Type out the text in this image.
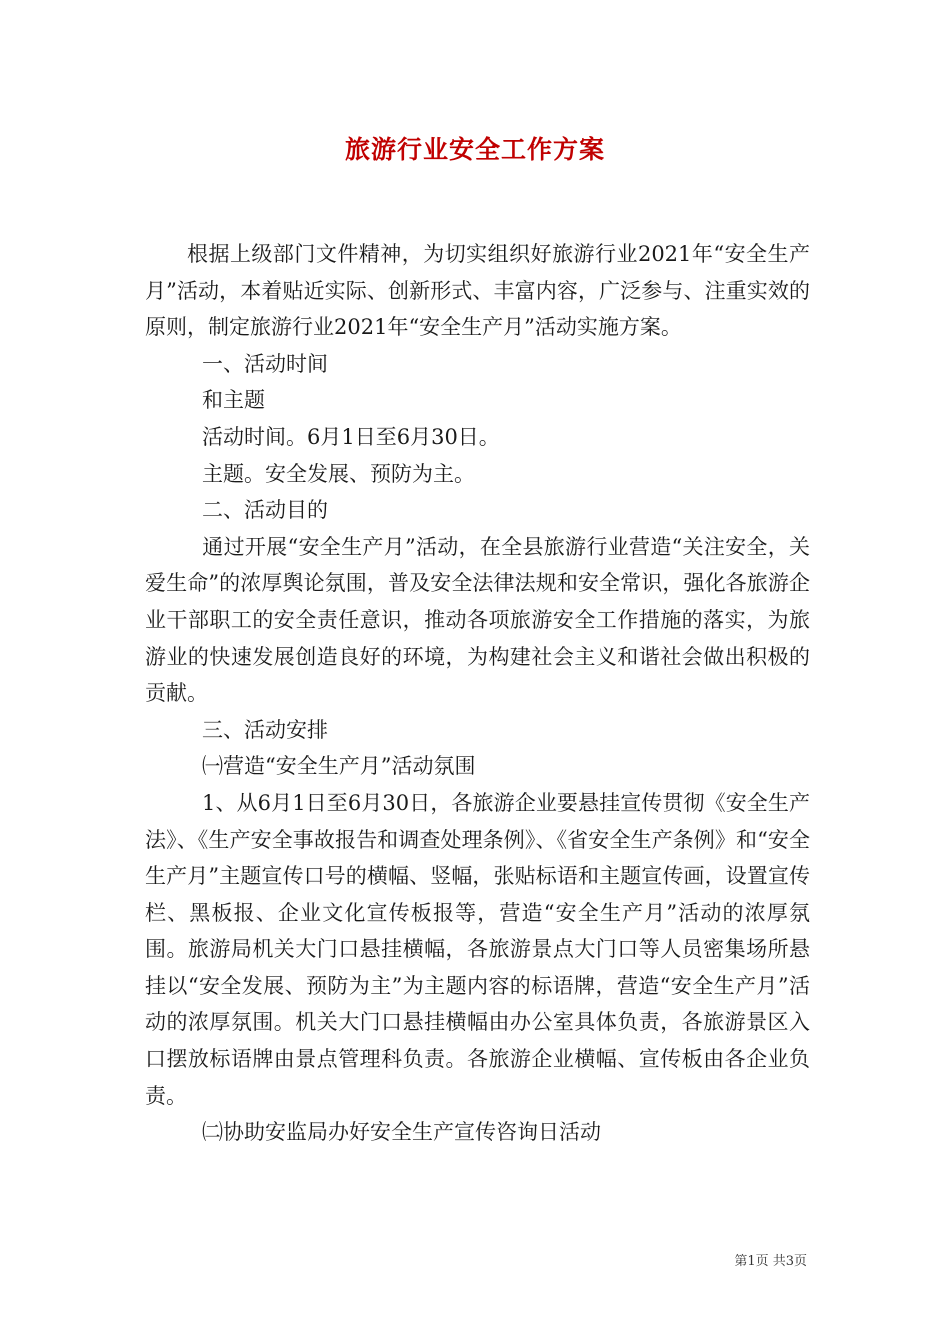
旅游行业安全工作方案

根据上级部门文件精神，为切实组织好旅游行业2021年“安全生产月”活动，本着贴近实际、创新形式、丰富内容，广泛参与、注重实效的原则，制定旅游行业2021年“安全生产月”活动实施方案。

一、活动时间

和主题

活动时间。6月1日至6月30日。

主题。安全发展、预防为主。

二、活动目的

通过开展“安全生产月”活动，在全县旅游行业营造“关注安全，关爱生命”的浓厚舆论氛围，普及安全法律法规和安全常识，强化各旅游企业干部职工的安全责任意识，推动各项旅游安全工作措施的落实，为旅游业的快速发展创造良好的环境，为构建社会主义和谐社会做出积极的贡献。

三、活动安排

㈠营造“安全生产月”活动氛围

1、从6月1日至6月30日，各旅游企业要悬挂宣传贯彻《安全生产法》、《生产安全事故报告和调查处理条例》、《省安全生产条例》和“安全生产月”主题宣传口号的横幅、竖幅，张贴标语和主题宣传画，设置宣传栏、黑板报、企业文化宣传板报等，营造“安全生产月”活动的浓厚氛围。旅游局机关大门口悬挂横幅，各旅游景点大门口等人员密集场所悬挂以“安全发展、预防为主”为主题内容的标语牌，营造“安全生产月”活动的浓厚氛围。机关大门口悬挂横幅由办公室具体负责，各旅游景区入口摆放标语牌由景点管理科负责。各旅游企业横幅、宣传板由各企业负责。

㈡协助安监局办好安全生产宣传咨询日活动

第1页 共3页
